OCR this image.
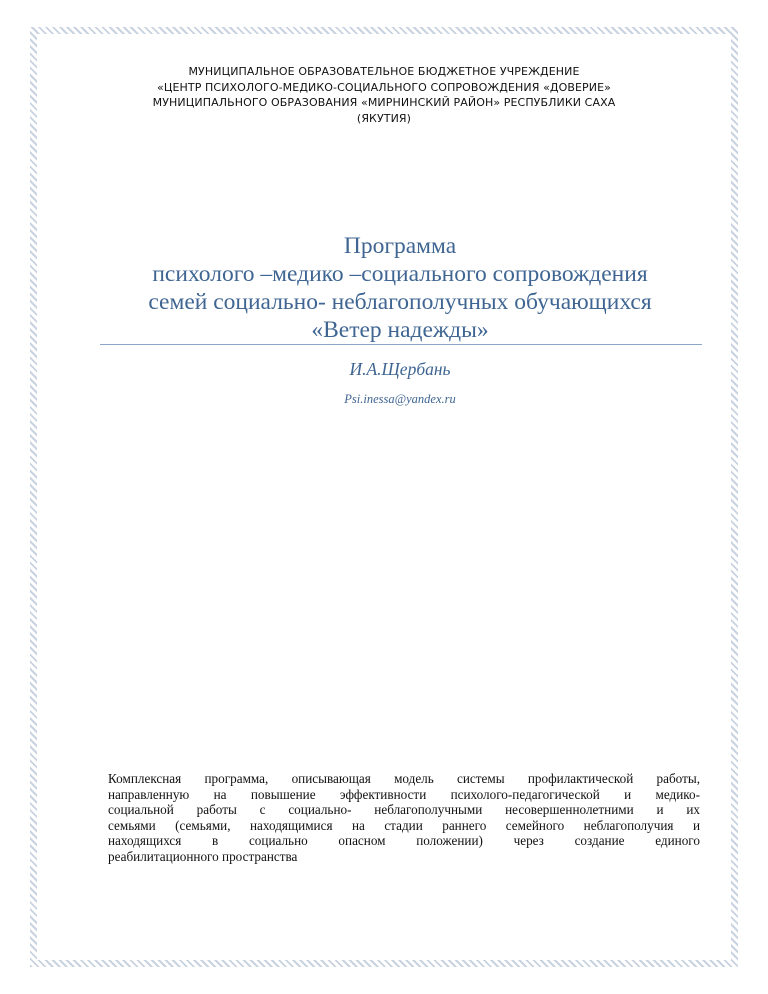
МУНИЦИПАЛЬНОЕ ОБРАЗОВАТЕЛЬНОЕ БЮДЖЕТНОЕ УЧРЕЖДЕНИЕ
«ЦЕНТР ПСИХОЛОГО-МЕДИКО-СОЦИАЛЬНОГО СОПРОВОЖДЕНИЯ «ДОВЕРИЕ»
МУНИЦИПАЛЬНОГО ОБРАЗОВАНИЯ «МИРНИНСКИЙ РАЙОН» РЕСПУБЛИКИ САХА
(ЯКУТИЯ)
Программа
психолого –медико –социального сопровождения
семей социально- неблагополучных обучающихся
«Ветер надежды»
И.А.Щербань
Psi.inessa@yandex.ru
Комплексная программа, описывающая модель системы профилактической работы,
направленную на повышение эффективности психолого-педагогической и медико-
социальной работы с социально- неблагополучными несовершеннолетними и их
семьями (семьями, находящимися на стадии раннего семейного неблагополучия и
находящихся в социально опасном положении) через создание единого
реабилитационного пространства
